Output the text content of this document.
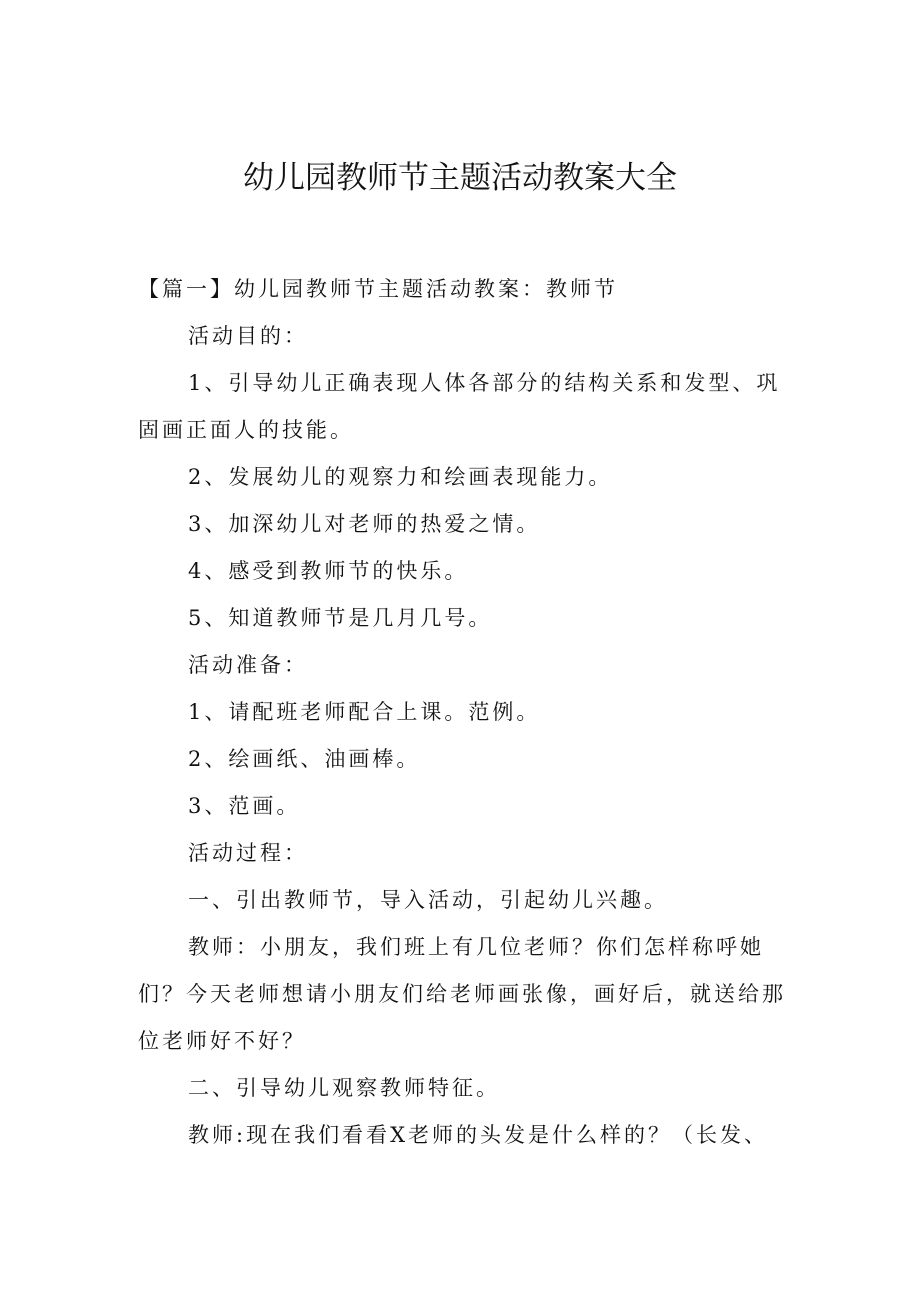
幼儿园教师节主题活动教案大全

【篇一】幼儿园教师节主题活动教案：教师节

活动目的：

1、引导幼儿正确表现人体各部分的结构关系和发型、巩固画正面人的技能。

2、发展幼儿的观察力和绘画表现能力。

3、加深幼儿对老师的热爱之情。

4、感受到教师节的快乐。

5、知道教师节是几月几号。

活动准备：

1、请配班老师配合上课。范例。

2、绘画纸、油画棒。

3、范画。

活动过程：

一、引出教师节，导入活动，引起幼儿兴趣。

教师：小朋友，我们班上有几位老师？你们怎样称呼她们？今天老师想请小朋友们给老师画张像，画好后，就送给那位老师好不好？

二、引导幼儿观察教师特征。

教师:现在我们看看X老师的头发是什么样的？（长发、
